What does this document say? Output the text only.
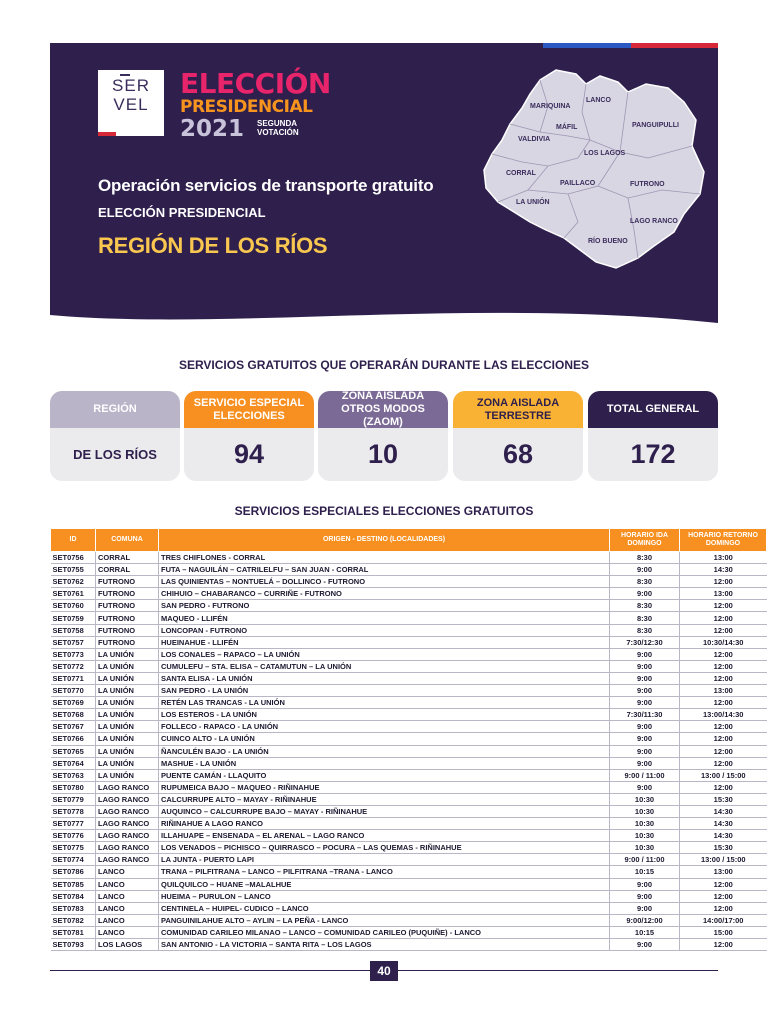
SER
VEL
ELECCIÓN
PRESIDENCIAL
2021 SEGUNDA
VOTACIÓN
Operación servicios de transporte gratuito
ELECCIÓN PRESIDENCIAL
REGIÓN DE LOS RÍOS
MARIQUINA
LANCO
PANGUIPULLI
MÁFIL
VALDIVIA
LOS LAGOS
CORRAL
PAILLACO	FUTRONO
LA UNIÓN
LAGO RANCO
RÍO BUENO
SERVICIOS GRATUITOS QUE OPERARÁN DURANTE LAS ELECCIONES
REGIÓN
DE LOS RÍOS
SERVICIO ESPECIAL ELECCIONES
94
ZONA AISLADA OTROS MODOS (ZAOM)
10
ZONA AISLADA TERRESTRE
68
TOTAL GENERAL
172
SERVICIOS ESPECIALES ELECCIONES GRATUITOS
ID	COMUNA	ORIGEN - DESTINO (LOCALIDADES)	HORARIO IDA DOMINGO	HORARIO RETORNO DOMINGO
SET0756	CORRAL	TRES CHIFLONES - CORRAL	8:30	13:00
SET0755	CORRAL	FUTA – NAGUILÁN – CATRILELFU – SAN JUAN - CORRAL	9:00	14:30
SET0762	FUTRONO	LAS QUINIENTAS – NONTUELÁ – DOLLINCO - FUTRONO	8:30	12:00
SET0761	FUTRONO	CHIHUIO – CHABARANCO – CURRIÑE - FUTRONO	9:00	13:00
SET0760	FUTRONO	SAN PEDRO - FUTRONO	8:30	12:00
SET0759	FUTRONO	MAQUEO - LLIFÉN	8:30	12:00
SET0758	FUTRONO	LONCOPAN - FUTRONO	8:30	12:00
SET0757	FUTRONO	HUEINAHUE - LLIFÉN	7:30/12:30	10:30/14:30
SET0773	LA UNIÓN	LOS CONALES – RAPACO – LA UNIÓN	9:00	12:00
SET0772	LA UNIÓN	CUMULEFU – STA. ELISA – CATAMUTUN – LA UNIÓN	9:00	12:00
SET0771	LA UNIÓN	SANTA ELISA - LA UNIÓN	9:00	12:00
SET0770	LA UNIÓN	SAN PEDRO - LA UNIÓN	9:00	13:00
SET0769	LA UNIÓN	RETÉN LAS TRANCAS - LA UNIÓN	9:00	12:00
SET0768	LA UNIÓN	LOS ESTEROS - LA UNIÓN	7:30/11:30	13:00/14:30
SET0767	LA UNIÓN	FOLLECO - RAPACO - LA UNIÓN	9:00	12:00
SET0766	LA UNIÓN	CUINCO ALTO - LA UNIÓN	9:00	12:00
SET0765	LA UNIÓN	ÑANCULÉN BAJO - LA UNIÓN	9:00	12:00
SET0764	LA UNIÓN	MASHUE - LA UNIÓN	9:00	12:00
SET0763	LA UNIÓN	PUENTE CAMÁN - LLAQUITO	9:00 / 11:00	13:00 / 15:00
SET0780	LAGO RANCO	RUPUMEICA BAJO – MAQUEO - RIÑINAHUE	9:00	12:00
SET0779	LAGO RANCO	CALCURRUPE ALTO – MAYAY - RIÑINAHUE	10:30	15:30
SET0778	LAGO RANCO	AUQUINCO – CALCURRUPE BAJO – MAYAY - RIÑINAHUE	10:30	14:30
SET0777	LAGO RANCO	RIÑINAHUE A LAGO RANCO	10:30	14:30
SET0776	LAGO RANCO	ILLAHUAPE – ENSENADA – EL ARENAL – LAGO RANCO	10:30	14:30
SET0775	LAGO RANCO	LOS VENADOS – PICHISCO – QUIRRASCO – POCURA – LAS QUEMAS - RIÑINAHUE	10:30	15:30
SET0774	LAGO RANCO	LA JUNTA - PUERTO LAPI	9:00 / 11:00	13:00 / 15:00
SET0786	LANCO	TRANA – PILFITRANA – LANCO – PILFITRANA –TRANA - LANCO	10:15	13:00
SET0785	LANCO	QUILQUILCO – HUANE –MALALHUE	9:00	12:00
SET0784	LANCO	HUEIMA – PURULON – LANCO	9:00	12:00
SET0783	LANCO	CENTINELA – HUIPEL- CUDICO – LANCO	9:00	12:00
SET0782	LANCO	PANGUINILAHUE ALTO – AYLIN – LA PEÑA - LANCO	9:00/12:00	14:00/17:00
SET0781	LANCO	COMUNIDAD CARILEO MILANAO – LANCO – COMUNIDAD CARILEO (PUQUIÑE) - LANCO	10:15	15:00
SET0793	LOS LAGOS	SAN ANTONIO - LA VICTORIA – SANTA RITA – LOS LAGOS	9:00	12:00
40
